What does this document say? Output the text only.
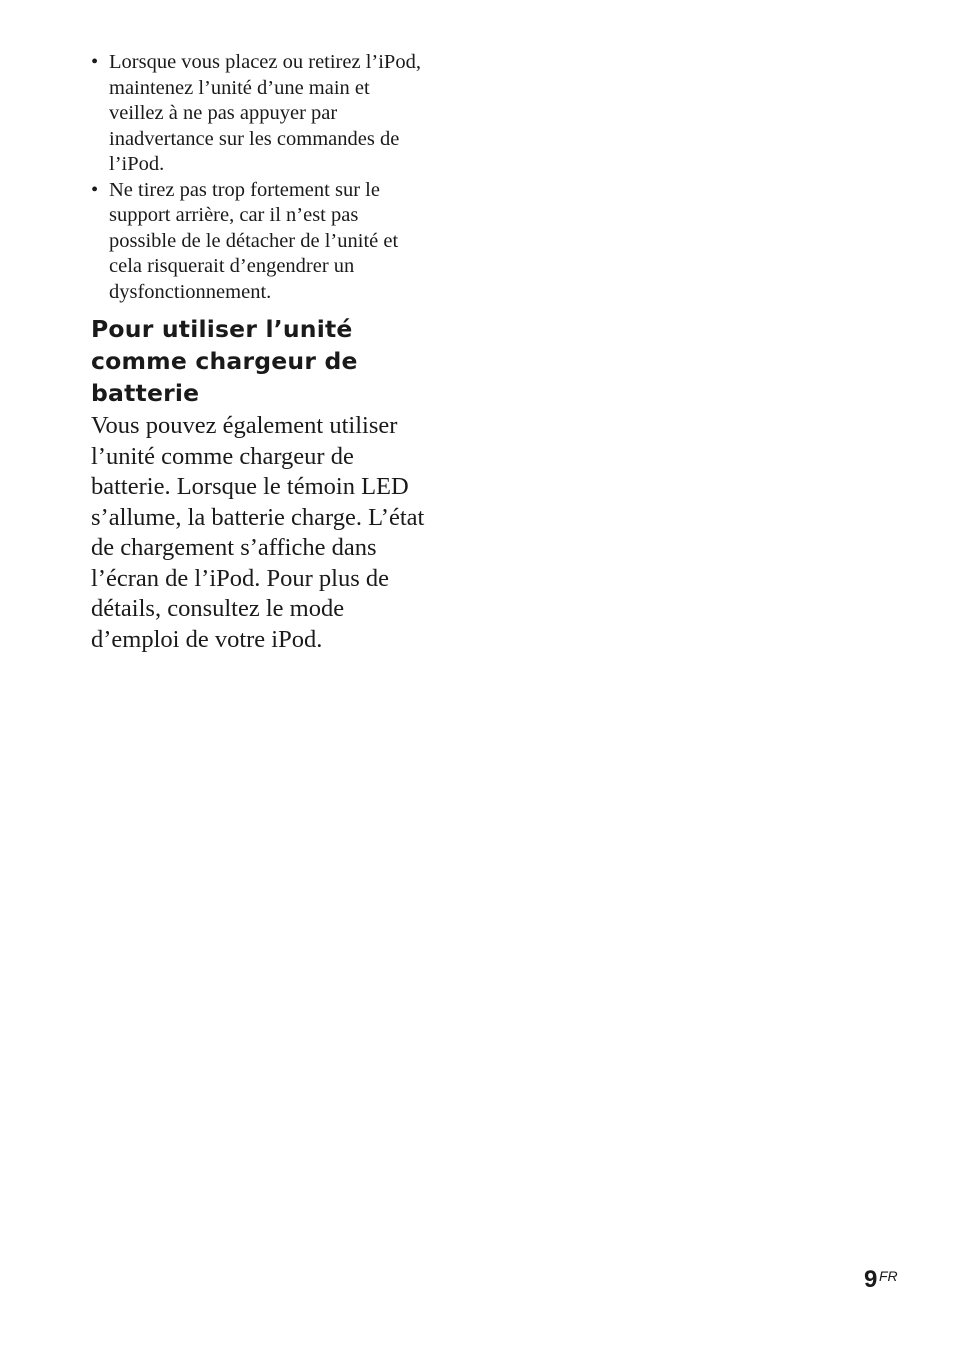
• Lorsque vous placez ou retirez l’iPod,
maintenez l’unité d’une main et
veillez à ne pas appuyer par
inadvertance sur les commandes de
l’iPod.
• Ne tirez pas trop fortement sur le
support arrière, car il n’est pas
possible de le détacher de l’unité et
cela risquerait d’engendrer un
dysfonctionnement.
Pour utiliser l’unité
comme chargeur de
batterie

Vous pouvez également utiliser
l’unité comme chargeur de
batterie. Lorsque le témoin LED
s’allume, la batterie charge. L’état
de chargement s’affiche dans
l’écran de l’iPod. Pour plus de
détails, consultez le mode
d’emploi de votre iPod.

9 FR
